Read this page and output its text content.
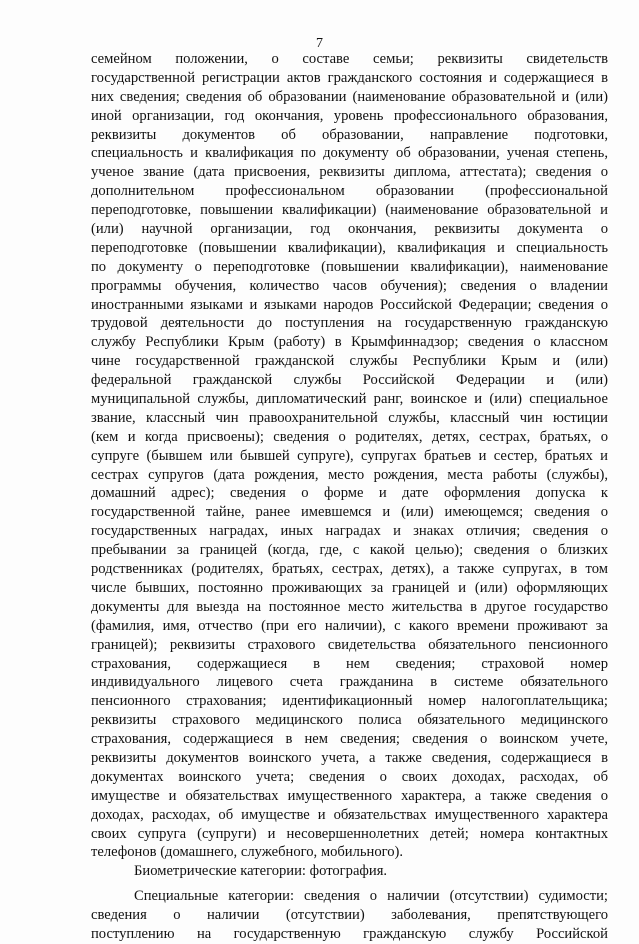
7
семейном положении, о составе семьи; реквизиты свидетельств
государственной регистрации актов гражданского состояния и содержащиеся в
них сведения; сведения об образовании (наименование образовательной и (или)
иной организации, год окончания, уровень профессионального образования,
реквизиты документов об образовании, направление подготовки,
специальность и квалификация по документу об образовании, ученая степень,
ученое звание (дата присвоения, реквизиты диплома, аттестата); сведения о
дополнительном профессиональном образовании (профессиональной
переподготовке, повышении квалификации) (наименование образовательной и
(или) научной организации, год окончания, реквизиты документа о
переподготовке (повышении квалификации), квалификация и специальность
по документу о переподготовке (повышении квалификации), наименование
программы обучения, количество часов обучения); сведения о владении
иностранными языками и языками народов Российской Федерации; сведения о
трудовой деятельности до поступления на государственную гражданскую
службу Республики Крым (работу) в Крымфиннадзор; сведения о классном
чине государственной гражданской службы Республики Крым и (или)
федеральной гражданской службы Российской Федерации и (или)
муниципальной службы, дипломатический ранг, воинское и (или) специальное
звание, классный чин правоохранительной службы, классный чин юстиции
(кем и когда присвоены); сведения о родителях, детях, сестрах, братьях, о
супруге (бывшем или бывшей супруге), супругах братьев и сестер, братьях и
сестрах супругов (дата рождения, место рождения, места работы (службы),
домашний адрес); сведения о форме и дате оформления допуска к
государственной тайне, ранее имевшемся и (или) имеющемся; сведения о
государственных наградах, иных наградах и знаках отличия; сведения о
пребывании за границей (когда, где, с какой целью); сведения о близких
родственниках (родителях, братьях, сестрах, детях), а также супругах, в том
числе бывших, постоянно проживающих за границей и (или) оформляющих
документы для выезда на постоянное место жительства в другое государство
(фамилия, имя, отчество (при его наличии), с какого времени проживают за
границей); реквизиты страхового свидетельства обязательного пенсионного
страхования, содержащиеся в нем сведения; страховой номер
индивидуального лицевого счета гражданина в системе обязательного
пенсионного страхования; идентификационный номер налогоплательщика;
реквизиты страхового медицинского полиса обязательного медицинского
страхования, содержащиеся в нем сведения; сведения о воинском учете,
реквизиты документов воинского учета, а также сведения, содержащиеся в
документах воинского учета; сведения о своих доходах, расходах, об
имуществе и обязательствах имущественного характера, а также сведения о
доходах, расходах, об имуществе и обязательствах имущественного характера
своих супруга (супруги) и несовершеннолетних детей; номера контактных
телефонов (домашнего, служебного, мобильного).
Биометрические категории: фотография.
Специальные категории: сведения о наличии (отсутствии) судимости;
сведения о наличии (отсутствии) заболевания, препятствующего
поступлению на государственную гражданскую службу Российской
